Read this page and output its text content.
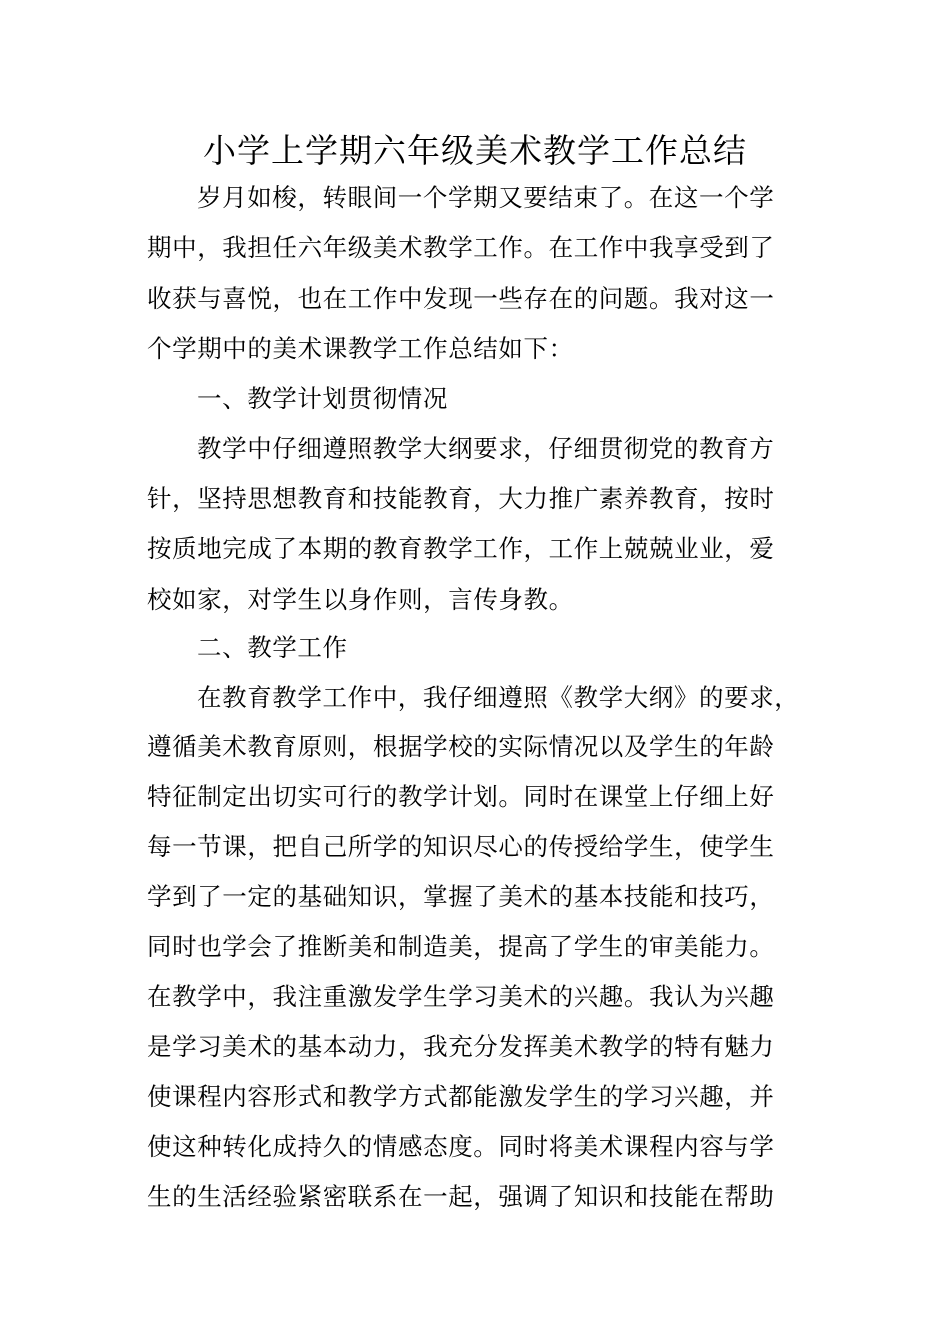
小学上学期六年级美术教学工作总结
岁月如梭，转眼间一个学期又要结束了。在这一个学
期中，我担任六年级美术教学工作。在工作中我享受到了
收获与喜悦，也在工作中发现一些存在的问题。我对这一
个学期中的美术课教学工作总结如下：
一、教学计划贯彻情况
教学中仔细遵照教学大纲要求，仔细贯彻党的教育方
针，坚持思想教育和技能教育，大力推广素养教育，按时
按质地完成了本期的教育教学工作，工作上兢兢业业，爱
校如家，对学生以身作则，言传身教。
二、教学工作
在教育教学工作中，我仔细遵照《教学大纲》的要求，
遵循美术教育原则，根据学校的实际情况以及学生的年龄
特征制定出切实可行的教学计划。同时在课堂上仔细上好
每一节课，把自己所学的知识尽心的传授给学生，使学生
学到了一定的基础知识，掌握了美术的基本技能和技巧，
同时也学会了推断美和制造美，提高了学生的审美能力。
在教学中，我注重激发学生学习美术的兴趣。我认为兴趣
是学习美术的基本动力，我充分发挥美术教学的特有魅力
使课程内容形式和教学方式都能激发学生的学习兴趣，并
使这种转化成持久的情感态度。同时将美术课程内容与学
生的生活经验紧密联系在一起，强调了知识和技能在帮助
